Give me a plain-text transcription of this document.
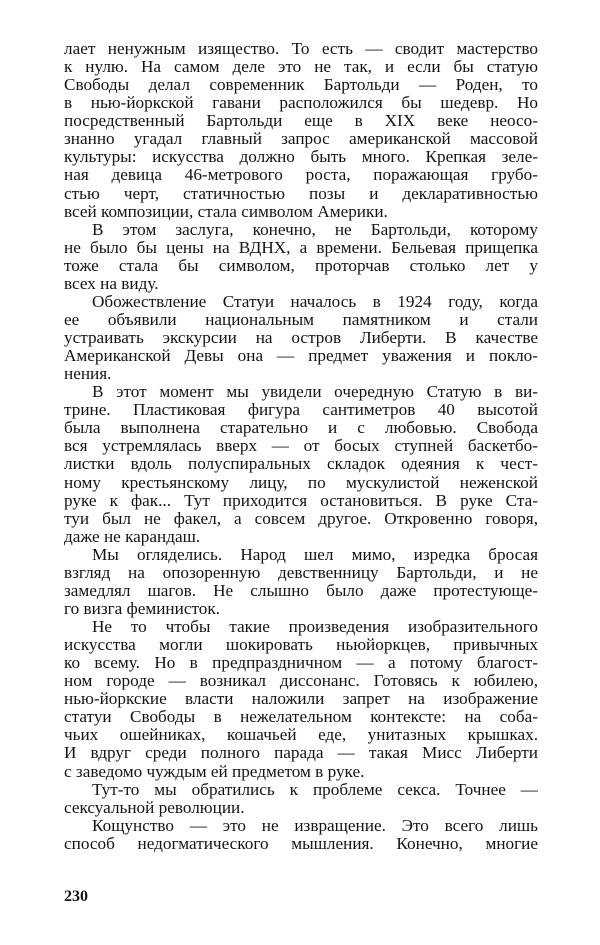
лает ненужным изящество. То есть — сводит мастерство
к нулю. На самом деле это не так, и если бы статую
Свободы делал современник Бартольди — Роден, то
в нью-йоркской гавани расположился бы шедевр. Но
посредственный Бартольди еще в XIX веке неосо-
знанно угадал главный запрос американской массовой
культуры: искусства должно быть много. Крепкая зеле-
ная девица 46-метрового роста, поражающая грубо-
стью черт, статичностью позы и декларативностью
всей композиции, стала символом Америки.
В этом заслуга, конечно, не Бартольди, которому
не было бы цены на ВДНХ, а времени. Бельевая прищепка
тоже стала бы символом, проторчав столько лет у
всех на виду.
Обожествление Статуи началось в 1924 году, когда
ее объявили национальным памятником и стали
устраивать экскурсии на остров Либерти. В качестве
Американской Девы она — предмет уважения и покло-
нения.
В этот момент мы увидели очередную Статую в ви-
трине. Пластиковая фигура сантиметров 40 высотой
была выполнена старательно и с любовью. Свобода
вся устремлялась вверх — от босых ступней баскетбо-
листки вдоль полуспиральных складок одеяния к чест-
ному крестьянскому лицу, по мускулистой неженской
руке к фак... Тут приходится остановиться. В руке Ста-
туи был не факел, а совсем другое. Откровенно говоря,
даже не карандаш.
Мы огляделись. Народ шел мимо, изредка бросая
взгляд на опозоренную девственницу Бартольди, и не
замедлял шагов. Не слышно было даже протестующе-
го визга феминисток.
Не то чтобы такие произведения изобразительного
искусства могли шокировать ньюйоркцев, привычных
ко всему. Но в предпраздничном — а потому благост-
ном городе — возникал диссонанс. Готовясь к юбилею,
нью-йоркские власти наложили запрет на изображение
статуи Свободы в нежелательном контексте: на соба-
чьих ошейниках, кошачьей еде, унитазных крышках.
И вдруг среди полного парада — такая Мисс Либерти
с заведомо чуждым ей предметом в руке.
Тут-то мы обратились к проблеме секса. Точнее —
сексуальной революции.
Кощунство — это не извращение. Это всего лишь
способ недогматического мышления. Конечно, многие
230
